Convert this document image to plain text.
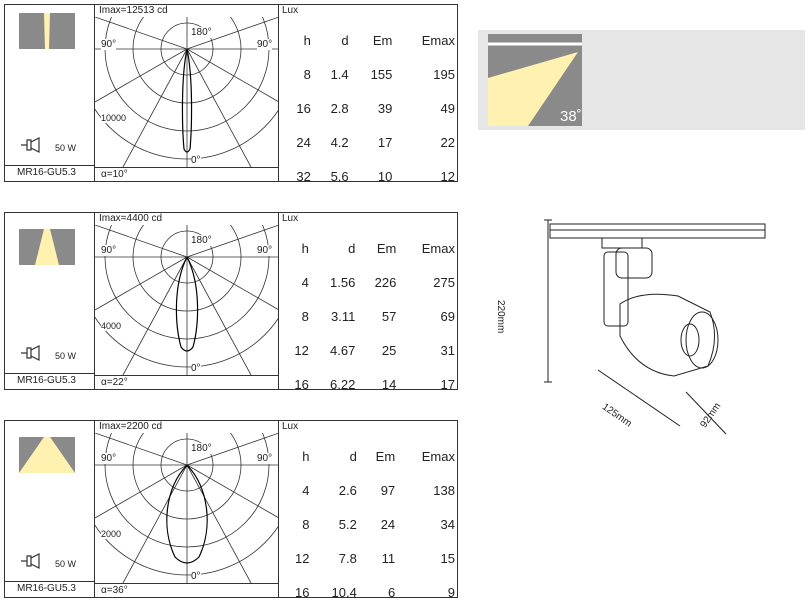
50 W
MR16-GU5.3
Imax=12513 cd
90°	90°
180°
0°
10000
α=10°
Lux
h	d	Em	Emax
8	1.4	155	195
16	2.8	39	49
24	4.2	17	22
32	5.6	10	12
50 W
MR16-GU5.3
Imax=4400 cd
90°	90°
180°
0°
4000
α=22°
Lux
h	d	Em	Emax
4	1.56	226	275
8	3.11	57	69
12	4.67	25	31
16	6.22	14	17
50 W
MR16-GU5.3
Imax=2200 cd
90°	90°
180°
0°
2000
α=36°
Lux
h	d	Em	Emax
4	2.6	97	138
8	5.2	24	34
12	7.8	11	15
16	10.4	6	9
38˚
220mm
125mm	92mm
